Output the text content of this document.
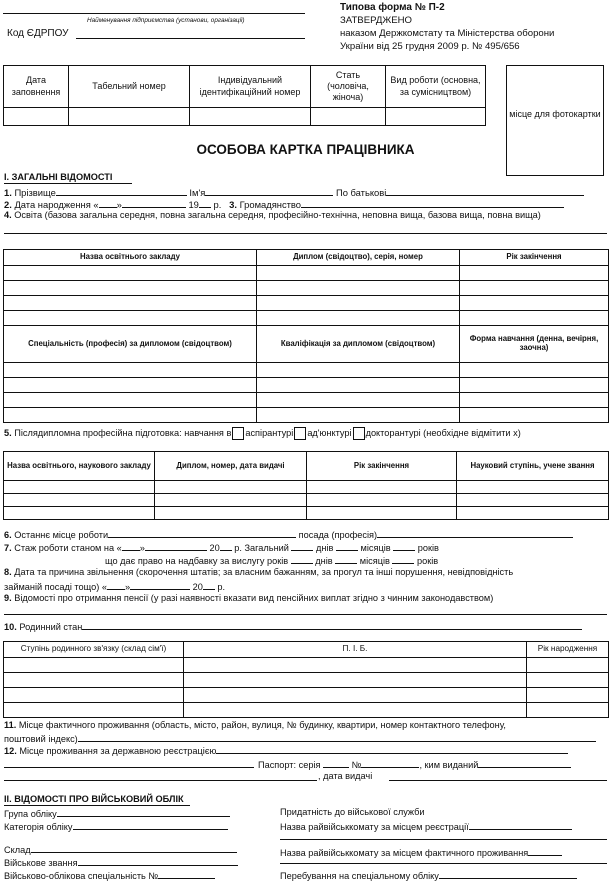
Найменування підприємства (установи, організації)
Код ЄДРПОУ
Типова форма № П-2
ЗАТВЕРДЖЕНО
наказом Держкомстату та Міністерства оборони
України від 25 грудня 2009 р. № 495/656
Дата заповнення	Табельний номер	Індивідуальний ідентифікаційний номер	Стать (чоловіча, жіноча)	Вид роботи (основна, за сумісництвом)

місце для фотокартки
ОСОБОВА КАРТКА ПРАЦІВНИКА
І. ЗАГАЛЬНІ ВІДОМОСТІ
1. Прізвище	Ім'я	По батькові
2. Дата народження « »	19 р. 3. Громадянство
4. Освіта (базова загальна середня, повна загальна середня, професійно-технічна, неповна вища, базова вища, повна вища)
Назва освітнього закладу	Диплом (свідоцтво), серія, номер	Рік закінчення

Спеціальність (професія) за дипломом (свідоцтвом)	Кваліфікація за дипломом (свідоцтвом)	Форма навчання (денна, вечірня, заочна)

5. Післядипломна професійна підготовка: навчання в аспірантурі ад'юнктурі докторантурі (необхідне відмітити х)
Назва освітнього, наукового закладу	Диплом, номер, дата видачі	Рік закінчення	Науковий ступінь, учене звання

6. Останнє місце роботи	посада (професія)
7. Стаж роботи станом на « »	20 р. Загальний	днів	місяців	років
що дає право на надбавку за вислугу років	днів	місяців	років
8. Дата та причина звільнення (скорочення штатів; за власним бажанням, за прогул та інші порушення, невідповідність
займаній посаді тощо) « »	20 р.
9. Відомості про отримання пенсії (у разі наявності вказати вид пенсійних виплат згідно з чинним законодавством)
10. Родинний стан
Ступінь родинного зв'язку (склад сім'ї)	П. І. Б.	Рік народження

11. Місце фактичного проживання (область, місто, район, вулиця, № будинку, квартири, номер контактного телефону,
поштовий індекс)
12. Місце проживання за державною реєстрацією
Паспорт: серія	№	, ким виданий
, дата видачі
ІІ. ВІДОМОСТІ ПРО ВІЙСЬКОВИЙ ОБЛІК
Група обліку
Категорія обліку
Склад
Військове звання
Військово-облікова спеціальність №
Придатність до військової служби
Назва райвійськкомату за місцем реєстрації
Назва райвійськкомату за місцем фактичного проживання
Перебування на спеціальному обліку
